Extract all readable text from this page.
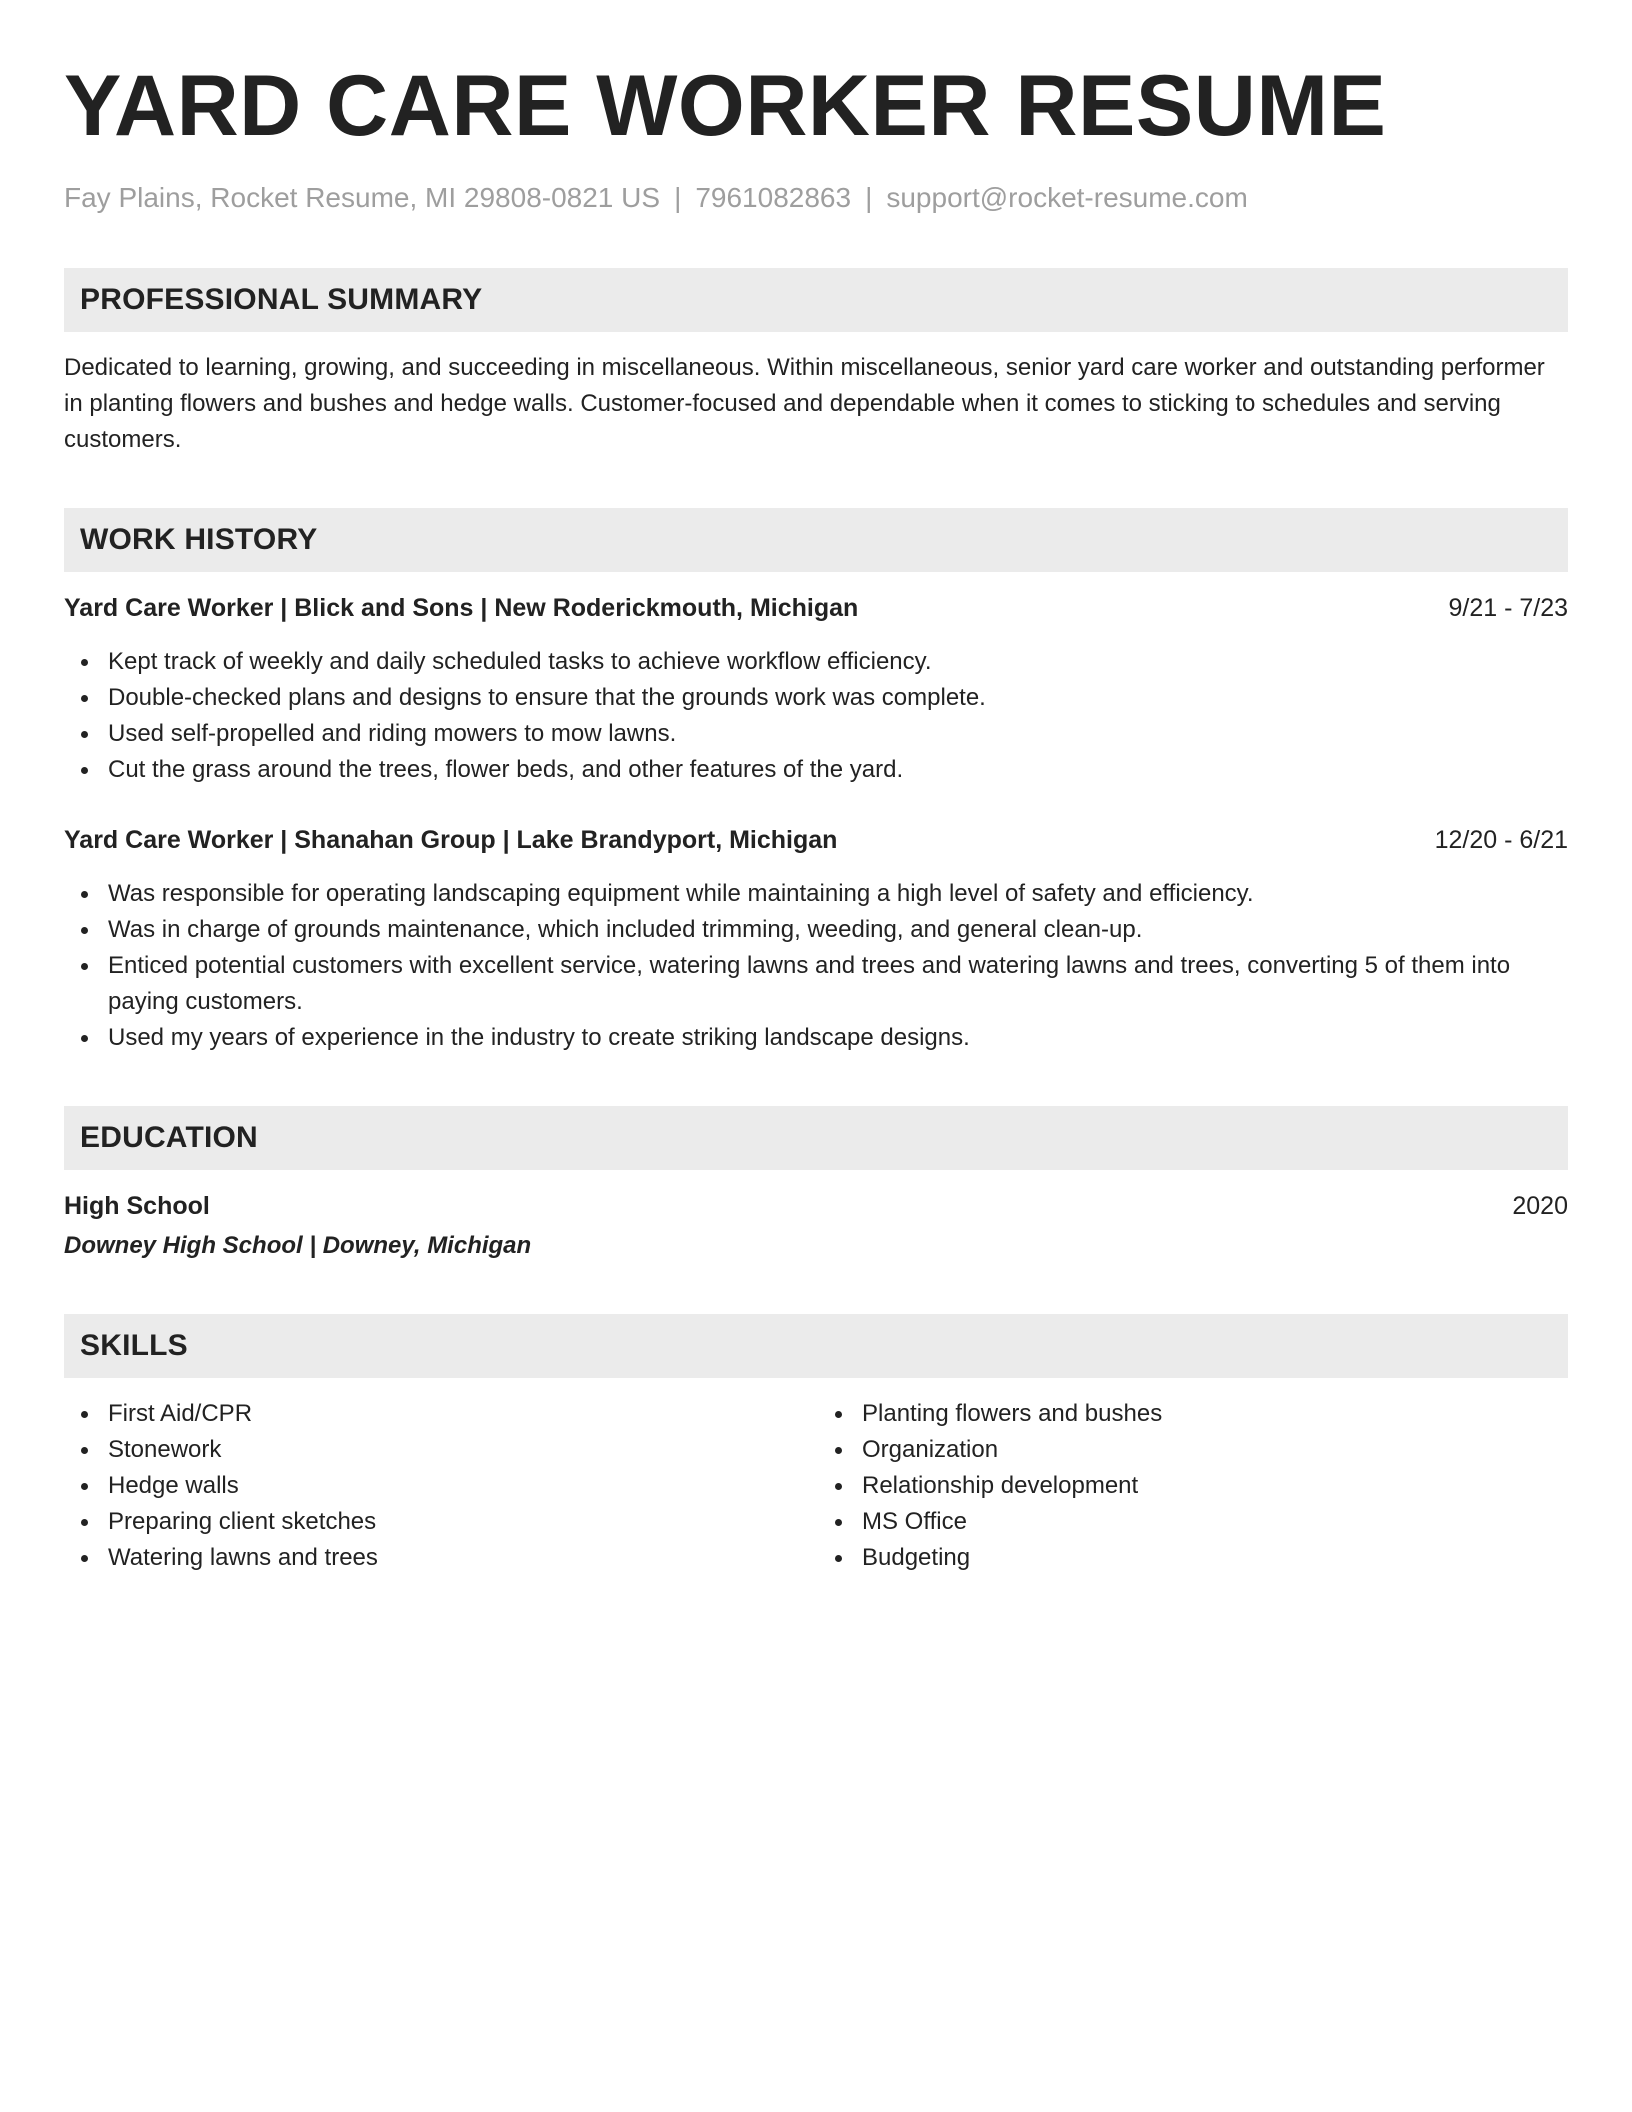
YARD CARE WORKER RESUME
Fay Plains, Rocket Resume, MI 29808-0821 US | 7961082863 | support@rocket-resume.com
PROFESSIONAL SUMMARY

Dedicated to learning, growing, and succeeding in miscellaneous. Within miscellaneous, senior yard care worker and outstanding performer in planting flowers and bushes and hedge walls. Customer-focused and dependable when it comes to sticking to schedules and serving customers.

WORK HISTORY
Yard Care Worker | Blick and Sons | New Roderickmouth, Michigan	9/21 - 7/23
Kept track of weekly and daily scheduled tasks to achieve workflow efficiency.
Double-checked plans and designs to ensure that the grounds work was complete.
Used self-propelled and riding mowers to mow lawns.
Cut the grass around the trees, flower beds, and other features of the yard.
Yard Care Worker | Shanahan Group | Lake Brandyport, Michigan	12/20 - 6/21
Was responsible for operating landscaping equipment while maintaining a high level of safety and efficiency.
Was in charge of grounds maintenance, which included trimming, weeding, and general clean-up.
Enticed potential customers with excellent service, watering lawns and trees and watering lawns and trees, converting 5 of them into paying customers.
Used my years of experience in the industry to create striking landscape designs.
EDUCATION
High School	2020
Downey High School | Downey, Michigan
SKILLS
First Aid/CPR
Stonework
Hedge walls
Preparing client sketches
Watering lawns and trees
Planting flowers and bushes
Organization
Relationship development
MS Office
Budgeting
